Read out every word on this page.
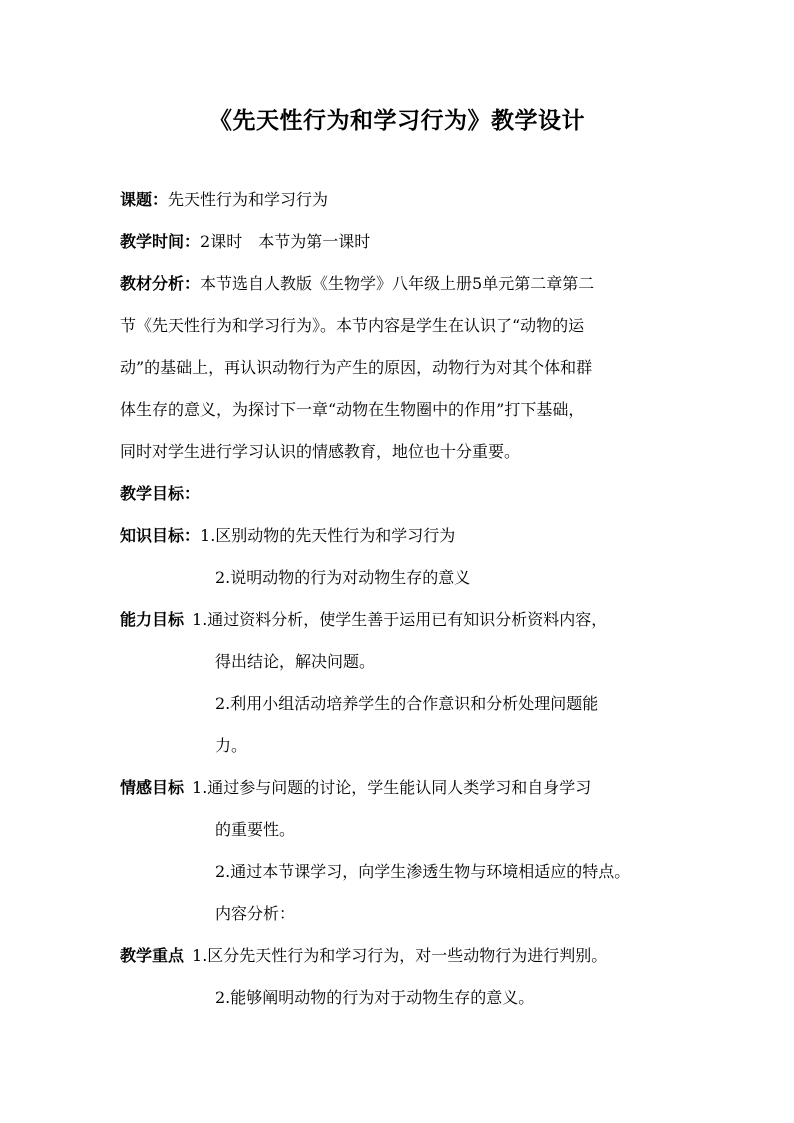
《先天性行为和学习行为》教学设计
课题：先天性行为和学习行为
教学时间：2课时　本节为第一课时
教材分析：本节选自人教版《生物学》八年级上册5单元第二章第二
节《先天性行为和学习行为》。本节内容是学生在认识了“动物的运
动”的基础上，再认识动物行为产生的原因，动物行为对其个体和群
体生存的意义，为探讨下一章“动物在生物圈中的作用”打下基础，
同时对学生进行学习认识的情感教育，地位也十分重要。
教学目标：
知识目标：1.区别动物的先天性行为和学习行为
2.说明动物的行为对动物生存的意义
能力目标  1.通过资料分析，使学生善于运用已有知识分析资料内容，
得出结论，解决问题。
2.利用小组活动培养学生的合作意识和分析处理问题能
力。
情感目标  1.通过参与问题的讨论，学生能认同人类学习和自身学习
的重要性。
2.通过本节课学习，向学生渗透生物与环境相适应的特点。
内容分析：
教学重点  1.区分先天性行为和学习行为，对一些动物行为进行判别。
2.能够阐明动物的行为对于动物生存的意义。
